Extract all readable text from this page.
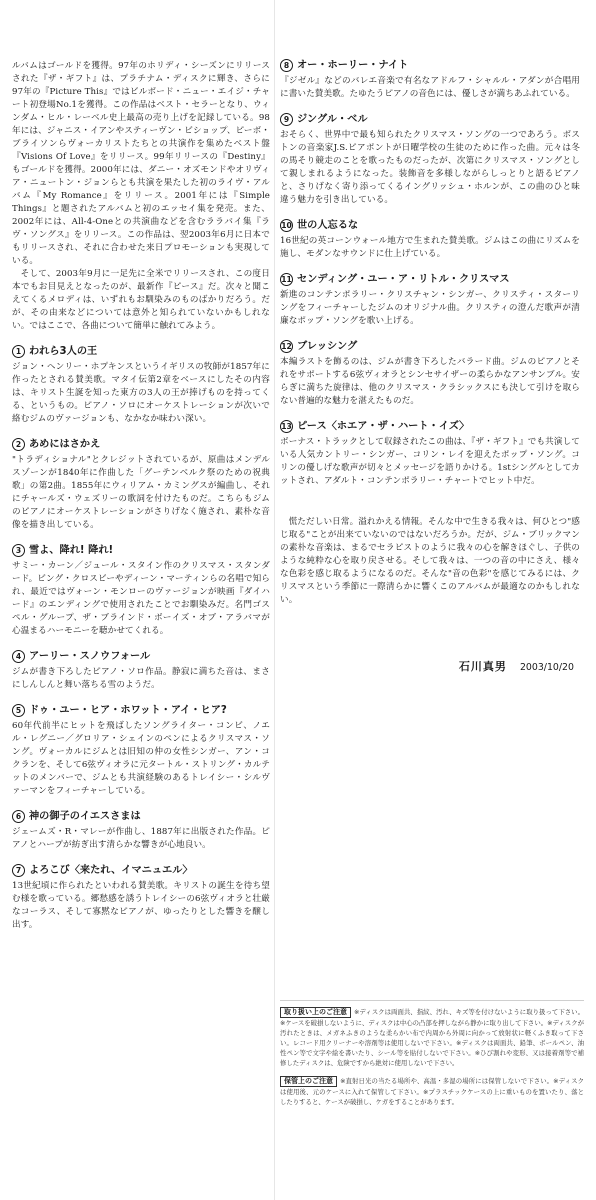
ルバムはゴールドを獲得。97年のホリディ・シーズンにリリースされた『ザ・ギフト』は、プラチナム・ディスクに輝き、さらに97年の『Picture This』ではビルボード・ニュー・エイジ・チャート初登場No.1を獲得。この作品はベスト・セラーとなり、ウィンダム・ヒル・レーベル史上最高の売り上げを記録している。98年には、ジャニス・イアンやスティーヴン・ビショップ、ピーボ・ブライソンらヴォーカリストたちとの共演作を集めたベスト盤『Visions Of Love』をリリース。99年リリースの『Destiny』もゴールドを獲得。2000年には、ダニー・オズモンドやオリヴィア・ニュートン・ジョンらとも共演を果たした初のライヴ・アルバム『My Romance』をリリース。2001年には『Simple Things』と題されたアルバムと初のエッセイ集を発売。また、2002年には、All-4-Oneとの共演曲などを含むララバイ集『ラヴ・ソングス』をリリース。この作品は、翌2003年6月に日本でもリリースされ、それに合わせた来日プロモーションも実現している。

そして、2003年9月に一足先に全米でリリースされ、この度日本でもお目見えとなったのが、最新作『ピース』だ。次々と聞こえてくるメロディは、いずれもお馴染みのものばかりだろう。だが、その由来などについては意外と知られていないかもしれない。ではここで、各曲について簡単に触れてみよう。

1 われら3人の王

ジョン・ヘンリー・ホプキンスというイギリスの牧師が1857年に作ったとされる賛美歌。マタイ伝第2章をベースにしたその内容は、キリスト生誕を知った東方の3人の王が捧げものを持ってくる、というもの。ピアノ・ソロにオーケストレーションが次いで絡むジムのヴァージョンも、なかなか味わい深い。

2 あめにはさかえ

"トラディショナル"とクレジットされているが、原曲はメンデルスゾーンが1840年に作曲した「グーテンベルク祭のための祝典歌」の第2曲。1855年にウィリアム・カミングスが編曲し、それにチャールズ・ウェズリーの歌詞を付けたものだ。こちらもジムのピアノにオーケストレーションがさりげなく施され、素朴な音像を描き出している。

3 雪よ、降れ! 降れ!

サミー・カーン／ジュール・スタイン作のクリスマス・スタンダード。ビング・クロスビーやディーン・マーティンらの名唱で知られ、最近ではヴォーン・モンローのヴァージョンが映画『ダイハード』のエンディングで使用されたことでお馴染みだ。名門ゴスペル・グループ、ザ・ブラインド・ボーイズ・オブ・アラバマが心温まるハーモニーを聴かせてくれる。

4 アーリー・スノウフォール

ジムが書き下ろしたピアノ・ソロ作品。静寂に満ちた音は、まさにしんしんと舞い落ちる雪のようだ。

5 ドゥ・ユー・ヒア・ホワット・アイ・ヒア?

60年代前半にヒットを飛ばしたソングライター・コンビ、ノエル・レグニー／グロリア・シェインのペンによるクリスマス・ソング。ヴォーカルにジムとは旧知の仲の女性シンガー、アン・コクランを、そして6弦ヴィオラに元タートル・ストリング・カルテットのメンバーで、ジムとも共演経験のあるトレイシー・シルヴァーマンをフィーチャーしている。

6 神の御子のイエスさまは

ジェームズ・R・マレーが作曲し、1887年に出版された作品。ピアノとハープが紡ぎ出す清らかな響きが心地良い。

7 よろこび〈来たれ、イマニュエル〉

13世紀頃に作られたといわれる賛美歌。キリストの誕生を待ち望む様を歌っている。郷愁感を誘うトレイシーの6弦ヴィオラと壮厳なコーラス、そして寡黙なピアノが、ゆったりとした響きを醸し出す。

8 オー・ホーリー・ナイト

『ジゼル』などのバレエ音楽で有名なアドルフ・シャルル・アダンが合唱用に書いた賛美歌。たゆたうピアノの音色には、優しさが満ちあふれている。

9 ジングル・ベル

おそらく、世界中で最も知られたクリスマス・ソングの一つであろう。ボストンの音楽家J.S.ピアポントが日曜学校の生徒のために作った曲。元々は冬の馬そり競走のことを歌ったものだったが、次第にクリスマス・ソングとして親しまれるようになった。装飾音を多様しながらしっとりと語るピアノと、さりげなく寄り添ってくるイングリッシュ・ホルンが、この曲のひと味違う魅力を引き出している。

10 世の人忘るな

16世紀の英コーンウォール地方で生まれた賛美歌。ジムはこの曲にリズムを施し、モダンなサウンドに仕上げている。

11 センディング・ユー・ア・リトル・クリスマス

新進のコンテンポラリー・クリスチャン・シンガー、クリスティ・スターリングをフィーチャーしたジムのオリジナル曲。クリスティの澄んだ歌声が清廉なポップ・ソングを歌い上げる。

12 ブレッシング

本編ラストを飾るのは、ジムが書き下ろしたバラード曲。ジムのピアノとそれをサポートする6弦ヴィオラとシンセサイザーの柔らかなアンサンブル。安らぎに満ちた旋律は、他のクリスマス・クラシックスにも決して引けを取らない普遍的な魅力を湛えたものだ。

13 ピース〈ホエア・ザ・ハート・イズ〉

ボーナス・トラックとして収録されたこの曲は、『ザ・ギフト』でも共演している人気カントリー・シンガー、コリン・レイを迎えたポップ・ソング。コリンの優しげな歌声が切々とメッセージを語りかける。1stシングルとしてカットされ、アダルト・コンテンポラリー・チャートでヒット中だ。

慌ただしい日常。溢れかえる情報。そんな中で生きる我々は、何ひとつ"感じ取る"ことが出来ていないのではないだろうか。だが、ジム・ブリックマンの素朴な音楽は、まるでセラピストのように我々の心を解きほぐし、子供のような純粋な心を取り戻させる。そして我々は、一つの音の中にさえ、様々な色彩を感じ取るようになるのだ。そんな"音の色彩"を感じてみるには、クリスマスという季節に一際清らかに響くこのアルバムが最適なのかもしれない。

石川真男 2003/10/20

取り扱い上のご注意 ※ディスクは両面共、指紋、汚れ、キズ等を付けないように取り扱って下さい。※ケースを破損しないように、ディスクは中心の凸部を押しながら静かに取り出して下さい。※ディスクが汚れたときは、メガネふきのような柔らかい布で内周から外周に向かって放射状に軽くふき取って下さい。レコード用クリーナーや溶剤等は使用しないで下さい。※ディスクは両面共、鉛筆、ボールペン、油性ペン等で文字や絵を書いたり、シール等を貼付しないで下さい。※ひび割れや変形、又は接着剤等で補修したディスクは、危険ですから絶対に使用しないで下さい。

保管上のご注意 ※直射日光の当たる場所や、高温・多湿の場所には保管しないで下さい。※ディスクは使用後、元のケースに入れて保管して下さい。※プラスチックケースの上に重いものを置いたり、落としたりすると、ケースが破損し、ケガをすることがあります。
